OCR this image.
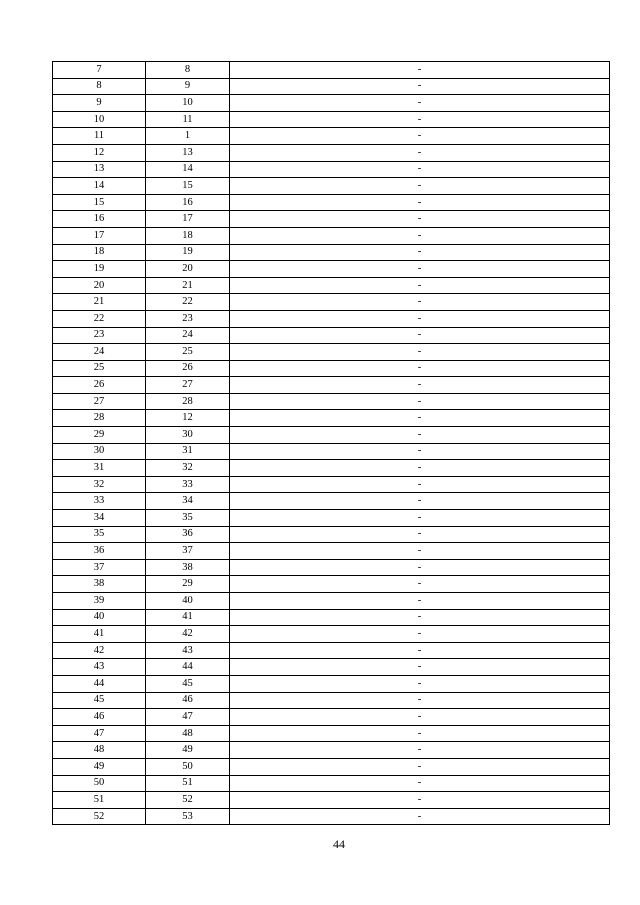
7	8	-
8	9	-
9	10	-
10	11	-
11	1	-
12	13	-
13	14	-
14	15	-
15	16	-
16	17	-
17	18	-
18	19	-
19	20	-
20	21	-
21	22	-
22	23	-
23	24	-
24	25	-
25	26	-
26	27	-
27	28	-
28	12	-
29	30	-
30	31	-
31	32	-
32	33	-
33	34	-
34	35	-
35	36	-
36	37	-
37	38	-
38	29	-
39	40	-
40	41	-
41	42	-
42	43	-
43	44	-
44	45	-
45	46	-
46	47	-
47	48	-
48	49	-
49	50	-
50	51	-
51	52	-
52	53	-
44
